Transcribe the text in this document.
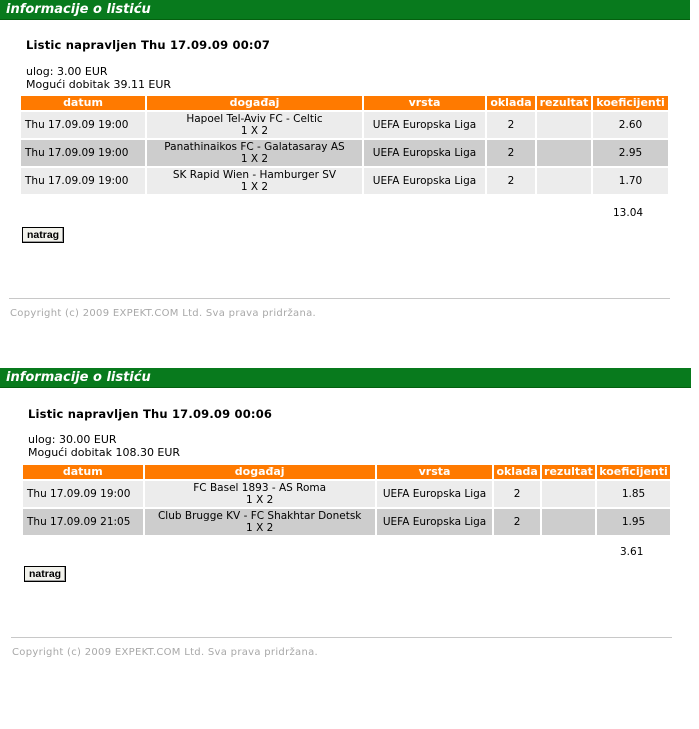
informacije o listiću
Listic napravljen Thu 17.09.09 00:07
ulog: 3.00 EUR
Mogući dobitak 39.11 EUR
datum	događaj	vrsta	oklada	rezultat	koeficijenti
Thu 17.09.09 19:00	Hapoel Tel-Aviv FC - Celtic
1 X 2	UEFA Europska Liga	2		2.60
Thu 17.09.09 19:00	Panathinaikos FC - Galatasaray AS
1 X 2	UEFA Europska Liga	2		2.95
Thu 17.09.09 19:00	SK Rapid Wien - Hamburger SV
1 X 2	UEFA Europska Liga	2		1.70
13.04
natrag
Copyright (c) 2009 EXPEKT.COM Ltd. Sva prava pridržana.
informacije o listiću
Listic napravljen Thu 17.09.09 00:06
ulog: 30.00 EUR
Mogući dobitak 108.30 EUR
datum	događaj	vrsta	oklada	rezultat	koeficijenti
Thu 17.09.09 19:00	FC Basel 1893 - AS Roma
1 X 2	UEFA Europska Liga	2		1.85
Thu 17.09.09 21:05	Club Brugge KV - FC Shakhtar Donetsk
1 X 2	UEFA Europska Liga	2		1.95
3.61
natrag
Copyright (c) 2009 EXPEKT.COM Ltd. Sva prava pridržana.
